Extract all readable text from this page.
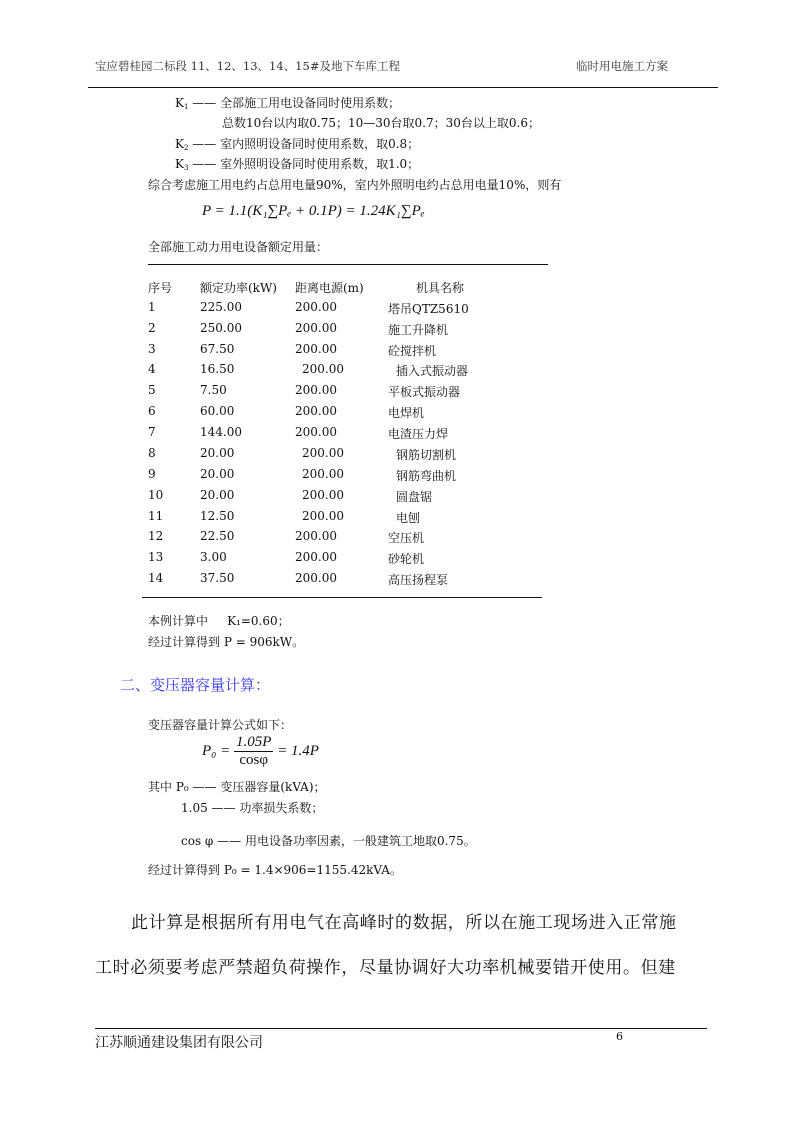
宝应碧桂园二标段 11、12、13、14、15#及地下车库工程	临时用电施工方案
$K_1$ —— 全部施工用电设备同时使用系数；
总数10台以内取0.75；10—30台取0.7；30台以上取0.6；
$K_2$ —— 室内照明设备同时使用系数，取0.8；
$K_3$ —— 室外照明设备同时使用系数，取1.0；
综合考虑施工用电约占总用电量90%，室内外照明电约占总用电量10%，则有
P = 1.1(K₁∑Pₑ + 0.1P) = 1.24K₁∑Pₑ
全部施工动力用电设备额定用量：
序号 额定功率(kW) 距离电源(m)	机具名称
1	225.00	200.00	塔吊QTZ5610
2	250.00	200.00	施工升降机
3	67.50	200.00	砼搅拌机
4	16.50	200.00	插入式振动器
5	7.50	200.00	平板式振动器
6	60.00	200.00	电焊机
7	144.00	200.00	电渣压力焊
8	20.00	200.00	钢筋切割机
9	20.00	200.00	钢筋弯曲机
10	20.00	200.00	圆盘锯
11	12.50	200.00	电刨
12	22.50	200.00	空压机
13	3.00	200.00	砂轮机
14	37.50	200.00	高压扬程泵
本例计算中 K₁=0.60；
经过计算得到 P = 906kW。
二、变压器容量计算：
变压器容量计算公式如下：
$P_0 = \frac{1.05P}{\cos\varphi} = 1.4P$
其中 P₀ —— 变压器容量(kVA)；
1.05 —— 功率损失系数；
cos φ —— 用电设备功率因素，一般建筑工地取0.75。
经过计算得到 P₀ = 1.4×906=1155.42kVA。
此计算是根据所有用电气在高峰时的数据，所以在施工现场进入正常施
工时必须要考虑严禁超负荷操作，尽量协调好大功率机械要错开使用。但建
江苏顺通建设集团有限公司	6
